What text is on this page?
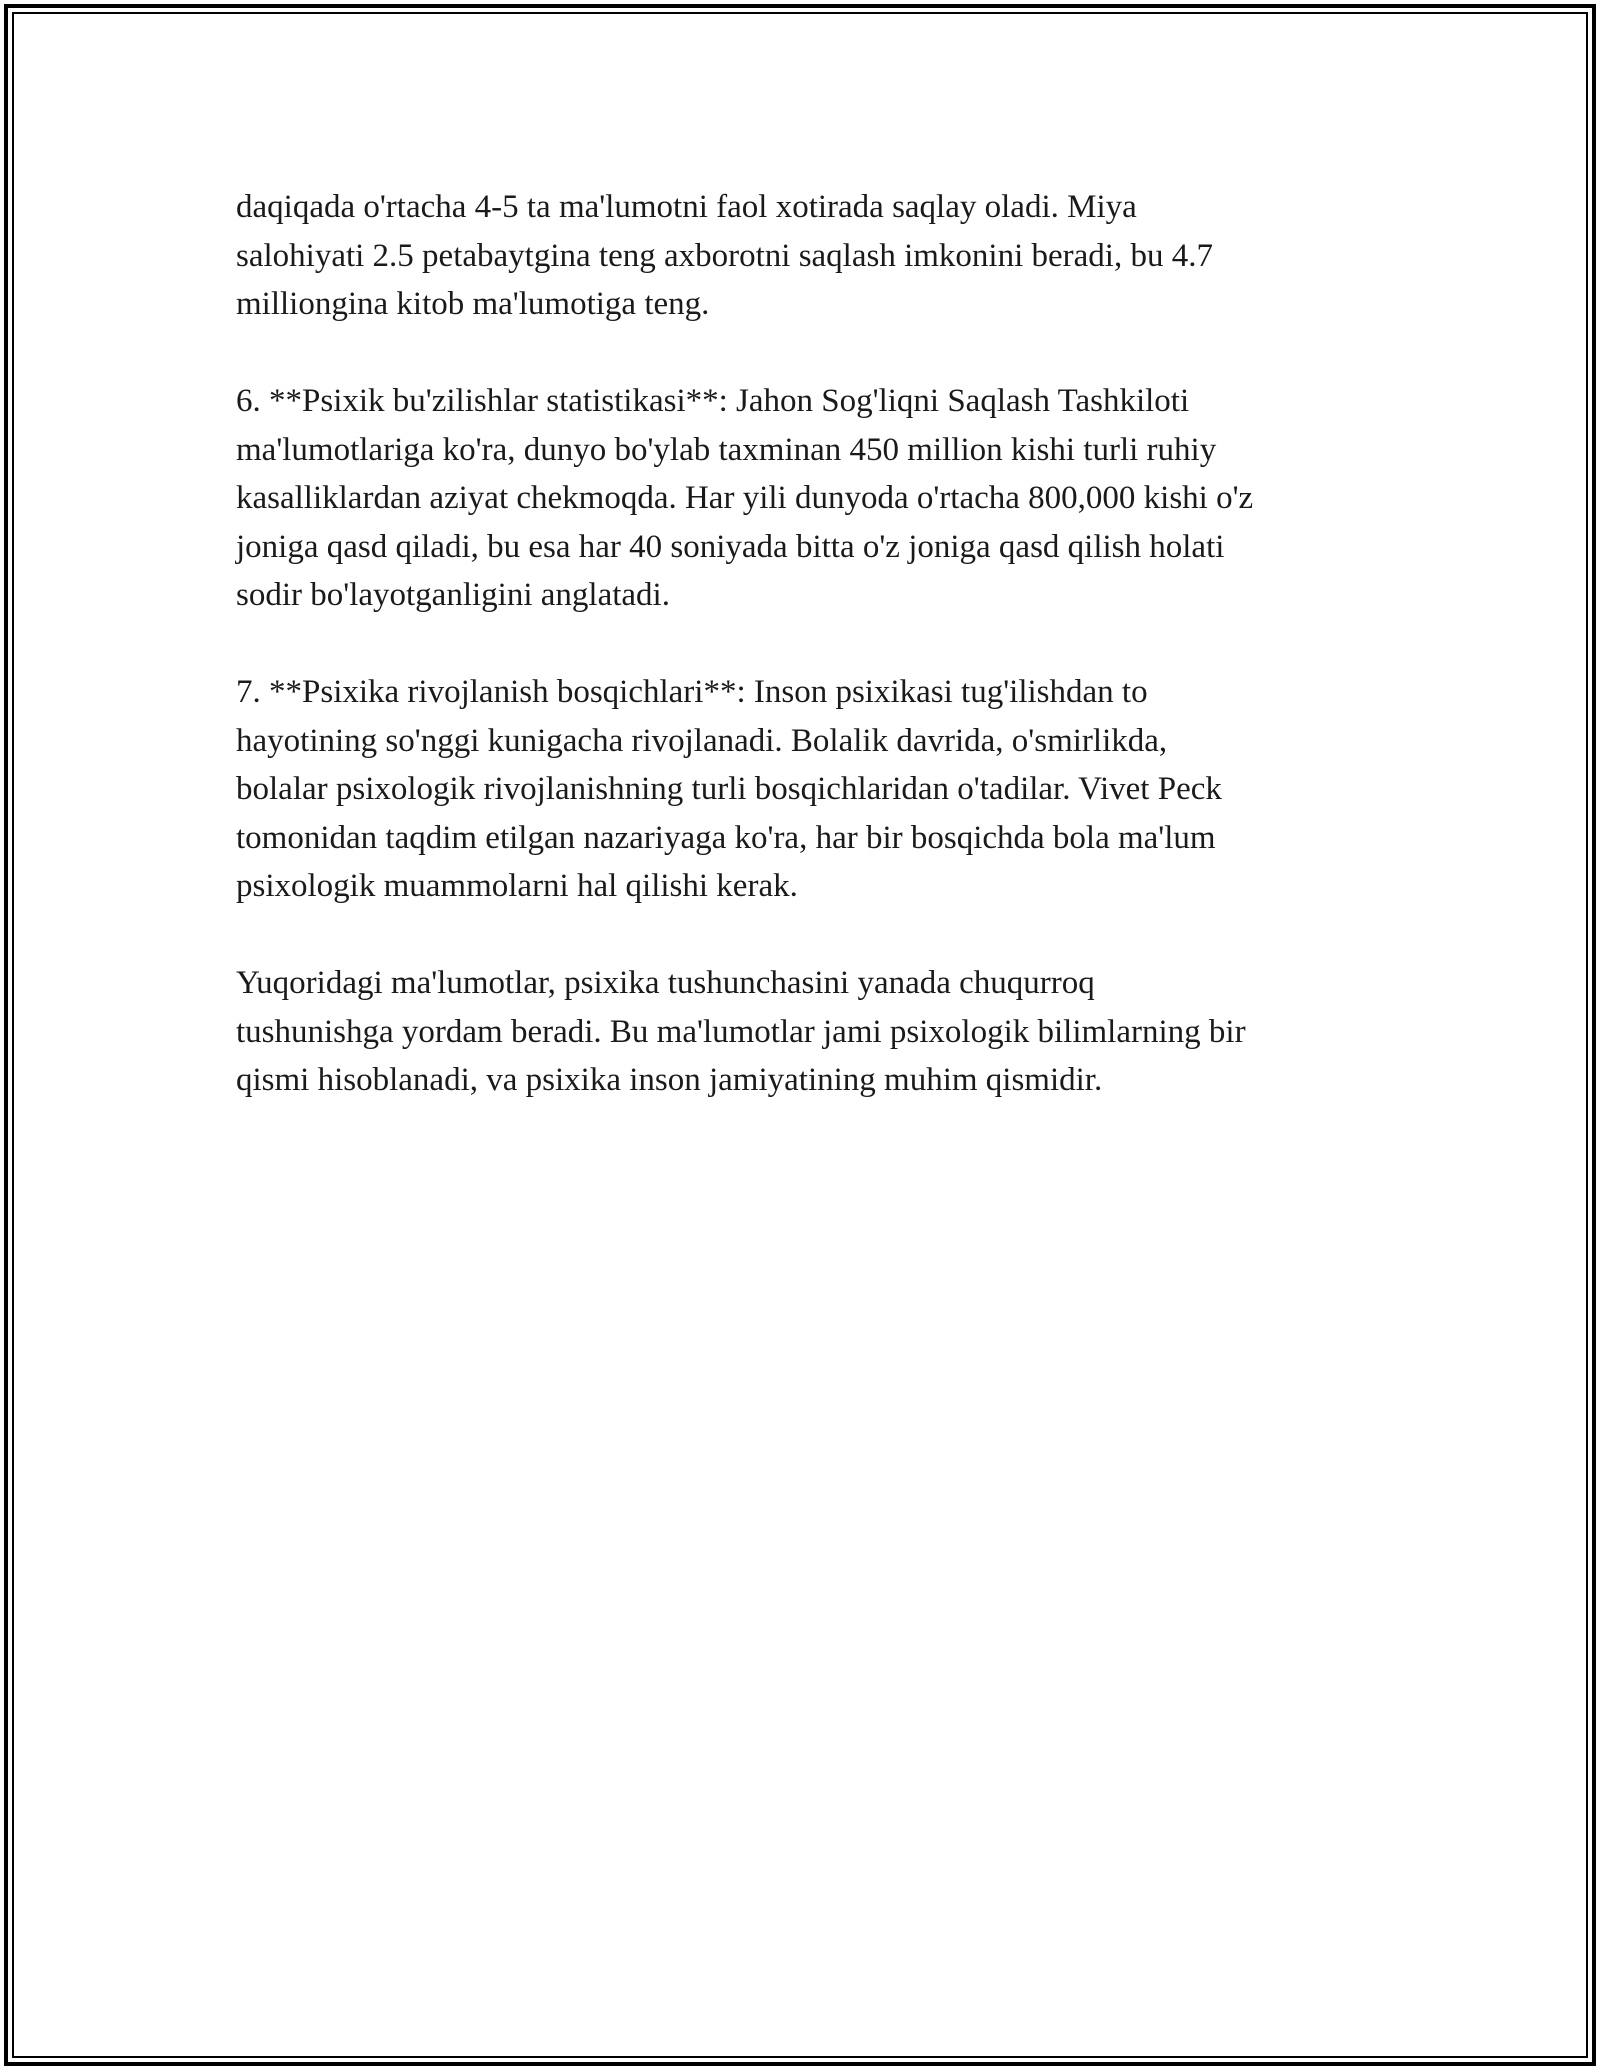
daqiqada o'rtacha 4-5 ta ma'lumotni faol xotirada saqlay oladi. Miya
salohiyati 2.5 petabaytgina teng axborotni saqlash imkonini beradi, bu 4.7
milliongina kitob ma'lumotiga teng.

6. **Psixik bu'zilishlar statistikasi**: Jahon Sog'liqni Saqlash Tashkiloti
ma'lumotlariga ko'ra, dunyo bo'ylab taxminan 450 million kishi turli ruhiy
kasalliklardan aziyat chekmoqda. Har yili dunyoda o'rtacha 800,000 kishi o'z
joniga qasd qiladi, bu esa har 40 soniyada bitta o'z joniga qasd qilish holati
sodir bo'layotganligini anglatadi.

7. **Psixika rivojlanish bosqichlari**: Inson psixikasi tug'ilishdan to
hayotining so'nggi kunigacha rivojlanadi. Bolalik davrida, o'smirlikda,
bolalar psixologik rivojlanishning turli bosqichlaridan o'tadilar. Vivet Peck
tomonidan taqdim etilgan nazariyaga ko'ra, har bir bosqichda bola ma'lum
psixologik muammolarni hal qilishi kerak.

Yuqoridagi ma'lumotlar, psixika tushunchasini yanada chuqurroq
tushunishga yordam beradi. Bu ma'lumotlar jami psixologik bilimlarning bir
qismi hisoblanadi, va psixika inson jamiyatining muhim qismidir.
